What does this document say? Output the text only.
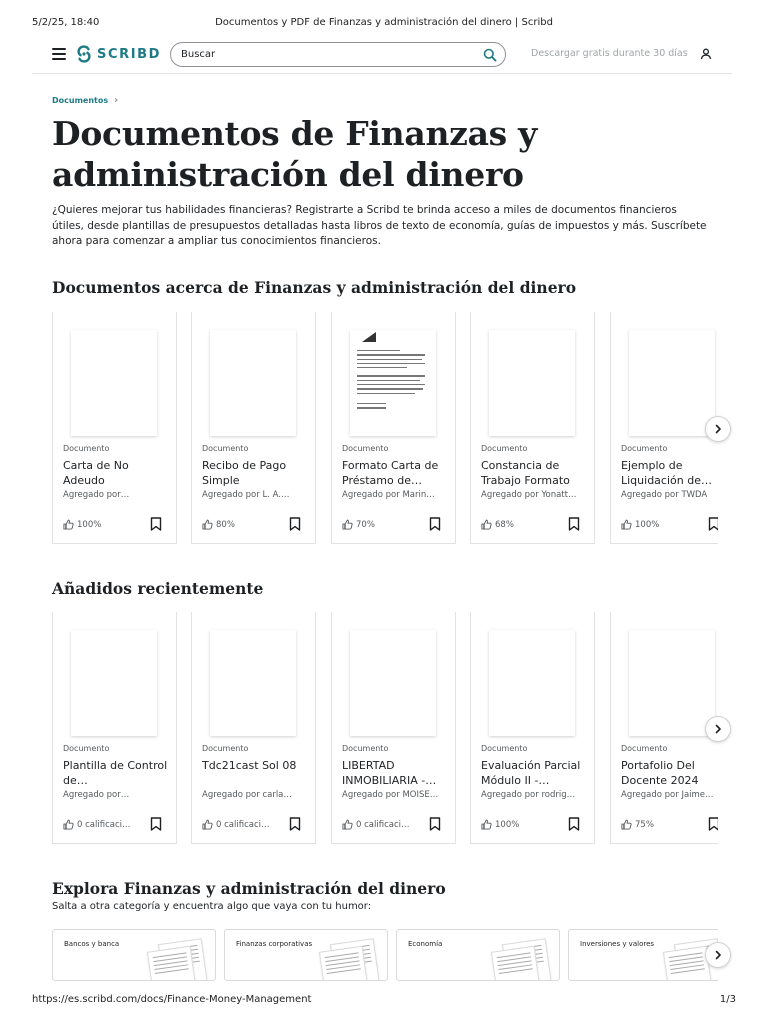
5/2/25, 18:40	Documentos y PDF de Finanzas y administración del dinero | Scribd
SCRIBD
Buscar	Descargar gratis durante 30 días
Documentos ›
Documentos de Finanzas y administración del dinero

¿Quieres mejorar tus habilidades financieras? Registrarte a Scribd te brinda acceso a miles de documentos financieros útiles, desde plantillas de presupuestos detalladas hasta libros de texto de economía, guías de impuestos y más. Suscríbete ahora para comenzar a ampliar tus conocimientos financieros.

Documentos acerca de Finanzas y administración del dinero
Documento
Carta de No Adeudo
Agregado por…
100%
Documento
Recibo de Pago Simple
Agregado por L. A.…
80%
Documento
Formato Carta de Préstamo de…
Agregado por Marin…
70%
Documento
Constancia de Trabajo Formato
Agregado por Yonatt…
68%
Documento
Ejemplo de Liquidación de…
Agregado por TWDA
100%
Añadidos recientemente
Documento
Plantilla de Control de…
Agregado por…
0 calificaci…
Documento
Tdc21cast Sol 08
Agregado por carla…
0 calificaci…
Documento
LIBERTAD INMOBILIARIA -…
Agregado por MOISE…
0 calificaci…
Documento
Evaluación Parcial Módulo II -…
Agregado por rodrig…
100%
Documento
Portafolio Del Docente 2024
Agregado por Jaime…
75%
Explora Finanzas y administración del dinero

Salta a otra categoría y encuentra algo que vaya con tu humor:

Bancos y banca	Finanzas corporativas	Economía	Inversiones y valores
https://es.scribd.com/docs/Finance-Money-Management	1/3
